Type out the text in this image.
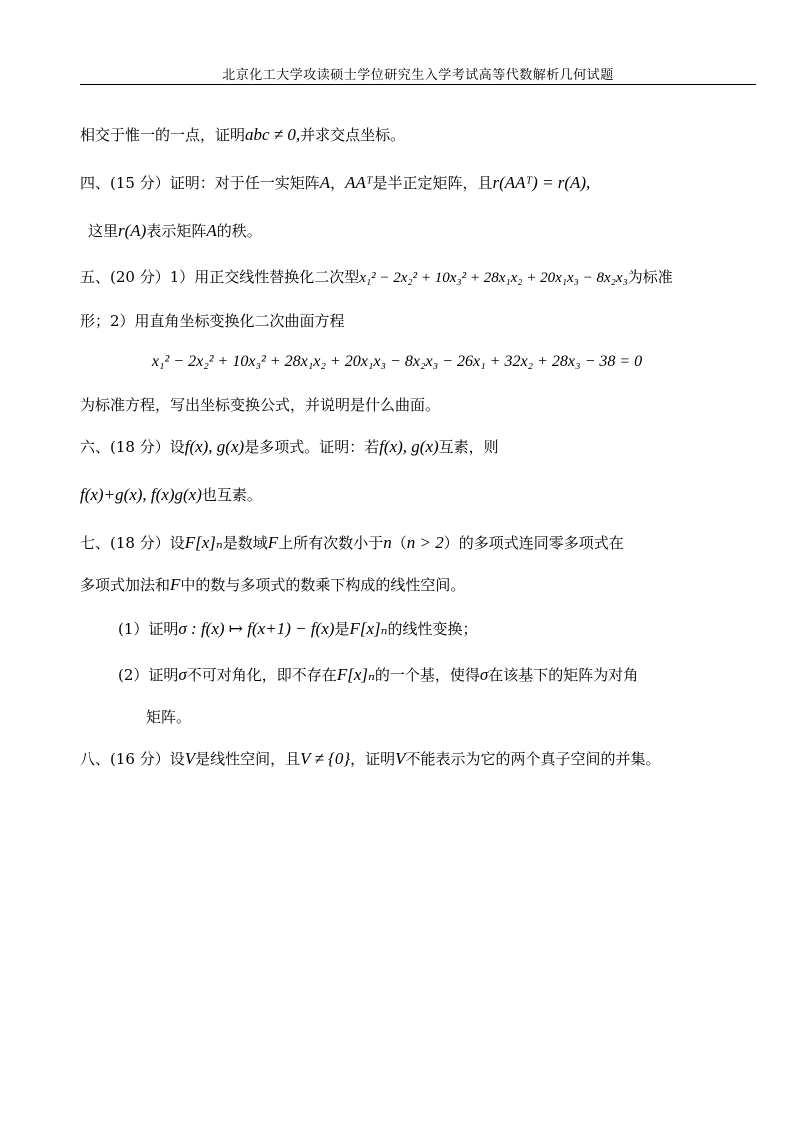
北京化工大学攻读硕士学位研究生入学考试高等代数解析几何试题
相交于惟一的一点，证明abc ≠ 0,并求交点坐标。
四、(15 分）证明：对于任一实矩阵A，AAᵀ是半正定矩阵，且r(AAᵀ) = r(A),
这里r(A)表示矩阵A的秩。
五、(20 分）1）用正交线性替换化二次型x₁² − 2x₂² + 10x₃² + 28x₁x₂ + 20x₁x₃ − 8x₂x₃为标准
形；2）用直角坐标变换化二次曲面方程
x₁² − 2x₂² + 10x₃² + 28x₁x₂ + 20x₁x₃ − 8x₂x₃ − 26x₁ + 32x₂ + 28x₃ − 38 = 0
为标准方程，写出坐标变换公式，并说明是什么曲面。
六、(18 分）设f(x), g(x)是多项式。证明：若f(x), g(x)互素，则
f(x)+g(x), f(x)g(x)也互素。
七、(18 分）设F[x]ₙ是数域F上所有次数小于n（n > 2）的多项式连同零多项式在
多项式加法和F中的数与多项式的数乘下构成的线性空间。
(1）证明σ : f(x) ↦ f(x+1) − f(x)是F[x]ₙ的线性变换；
(2）证明σ不可对角化，即不存在F[x]ₙ的一个基，使得σ在该基下的矩阵为对角
矩阵。
八、(16 分）设V是线性空间，且V ≠ {0}，证明V不能表示为它的两个真子空间的并集。
